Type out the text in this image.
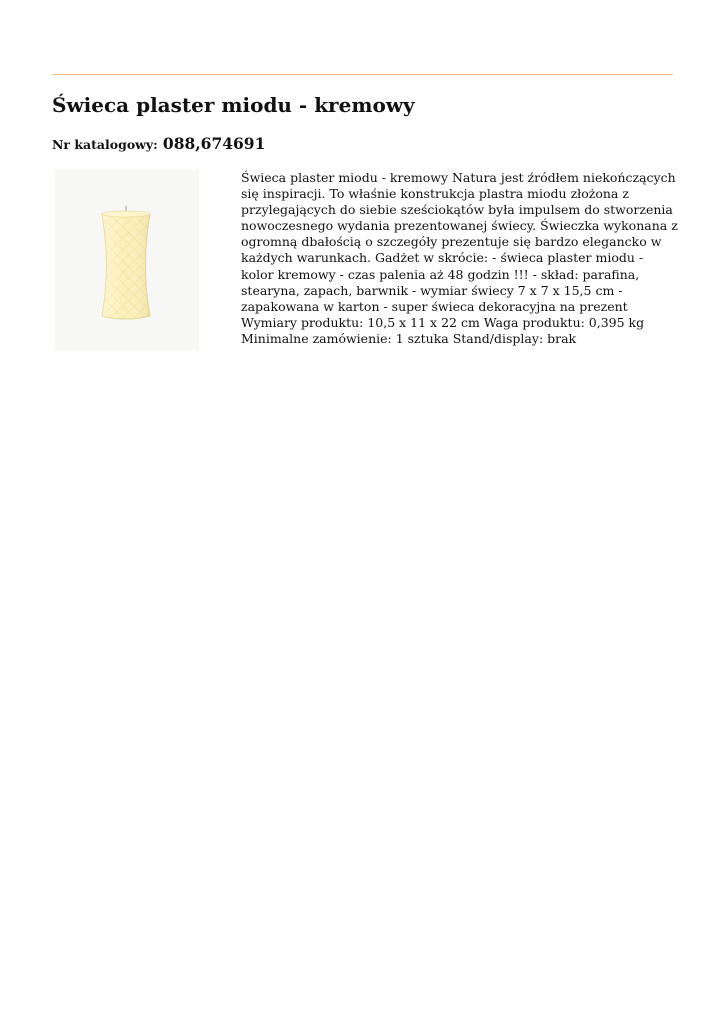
Świeca plaster miodu - kremowy
Nr katalogowy: 088,674691

Świeca plaster miodu - kremowy Natura jest źródłem niekończących
się inspiracji. To właśnie konstrukcja plastra miodu złożona z
przylegających do siebie sześciokątów była impulsem do stworzenia
nowoczesnego wydania prezentowanej świecy. Świeczka wykonana z
ogromną dbałością o szczegóły prezentuje się bardzo elegancko w
każdych warunkach. Gadżet w skrócie: - świeca plaster miodu -
kolor kremowy - czas palenia aż 48 godzin !!! - skład: parafina,
stearyna, zapach, barwnik - wymiar świecy 7 x 7 x 15,5 cm -
zapakowana w karton - super świeca dekoracyjna na prezent
Wymiary produktu: 10,5 x 11 x 22 cm Waga produktu: 0,395 kg
Minimalne zamówienie: 1 sztuka Stand/display: brak
